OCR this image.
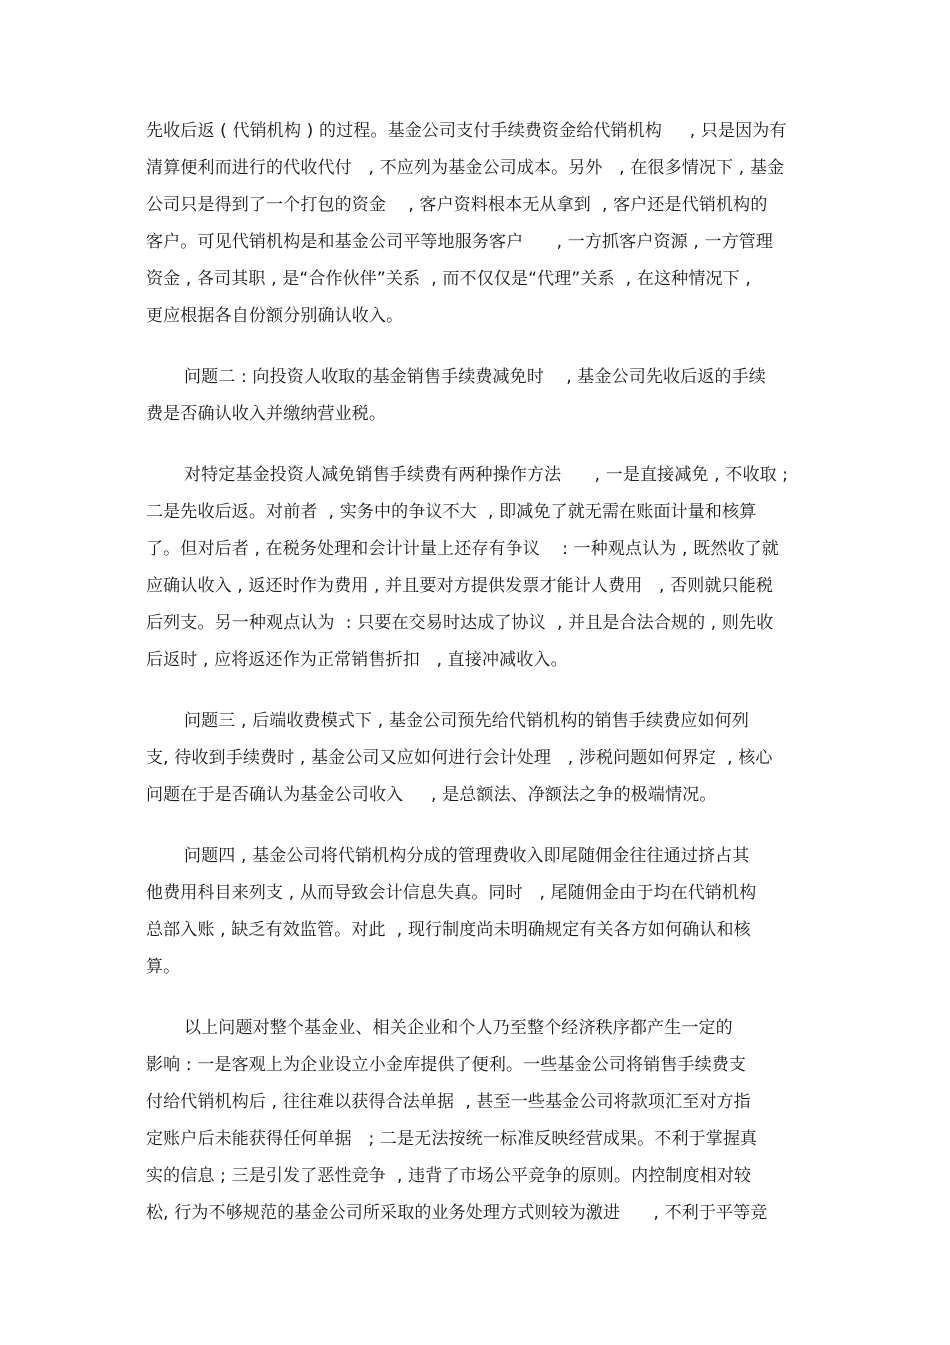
先收后返 ( 代销机构 ) 的过程。基金公司支付手续费资金给代销机构     , 只是因为有
清算便利而进行的代收代付   , 不应列为基金公司成本。另外   , 在很多情况下 , 基金
公司只是得到了一个打包的资金    , 客户资料根本无从拿到  , 客户还是代销机构的
客户。可见代销机构是和基金公司平等地服务客户      , 一方抓客户资源 , 一方管理
资金 , 各司其职 , 是“合作伙伴”关系  , 而不仅仅是“代理”关系  , 在这种情况下 ,
更应根据各自份额分别确认收入。
问题二 : 向投资人收取的基金销售手续费减免时    , 基金公司先收后返的手续
费是否确认收入并缴纳营业税。
对特定基金投资人减免销售手续费有两种操作方法      , 一是直接减免 , 不收取 ;
二是先收后返。对前者  , 实务中的争议不大  , 即减免了就无需在账面计量和核算
了。但对后者 , 在税务处理和会计计量上还存有争议    : 一种观点认为 , 既然收了就
应确认收入 , 返还时作为费用 , 并且要对方提供发票才能计人费用   , 否则就只能税
后列支。另一种观点认为  : 只要在交易时达成了协议  , 并且是合法合规的 , 则先收
后返时 , 应将返还作为正常销售折扣   , 直接冲减收入。
问题三 , 后端收费模式下 , 基金公司预先给代销机构的销售手续费应如何列
支, 待收到手续费时 , 基金公司又应如何进行会计处理   , 涉税问题如何界定  , 核心
问题在于是否确认为基金公司收入     , 是总额法、净额法之争的极端情况。
问题四 , 基金公司将代销机构分成的管理费收入即尾随佣金往往通过挤占其
他费用科目来列支 , 从而导致会计信息失真。同时   , 尾随佣金由于均在代销机构
总部入账 , 缺乏有效监管。对此  , 现行制度尚未明确规定有关各方如何确认和核
算。
以上问题对整个基金业、相关企业和个人乃至整个经济秩序都产生一定的
影响 : 一是客观上为企业设立小金库提供了便利。一些基金公司将销售手续费支
付给代销机构后 , 往往难以获得合法单据  , 甚至一些基金公司将款项汇至对方指
定账户后未能获得任何单据   ; 二是无法按统一标准反映经营成果。不利于掌握真
实的信息 ; 三是引发了恶性竞争  , 违背了市场公平竞争的原则。内控制度相对较
松, 行为不够规范的基金公司所采取的业务处理方式则较为激进      , 不利于平等竞
